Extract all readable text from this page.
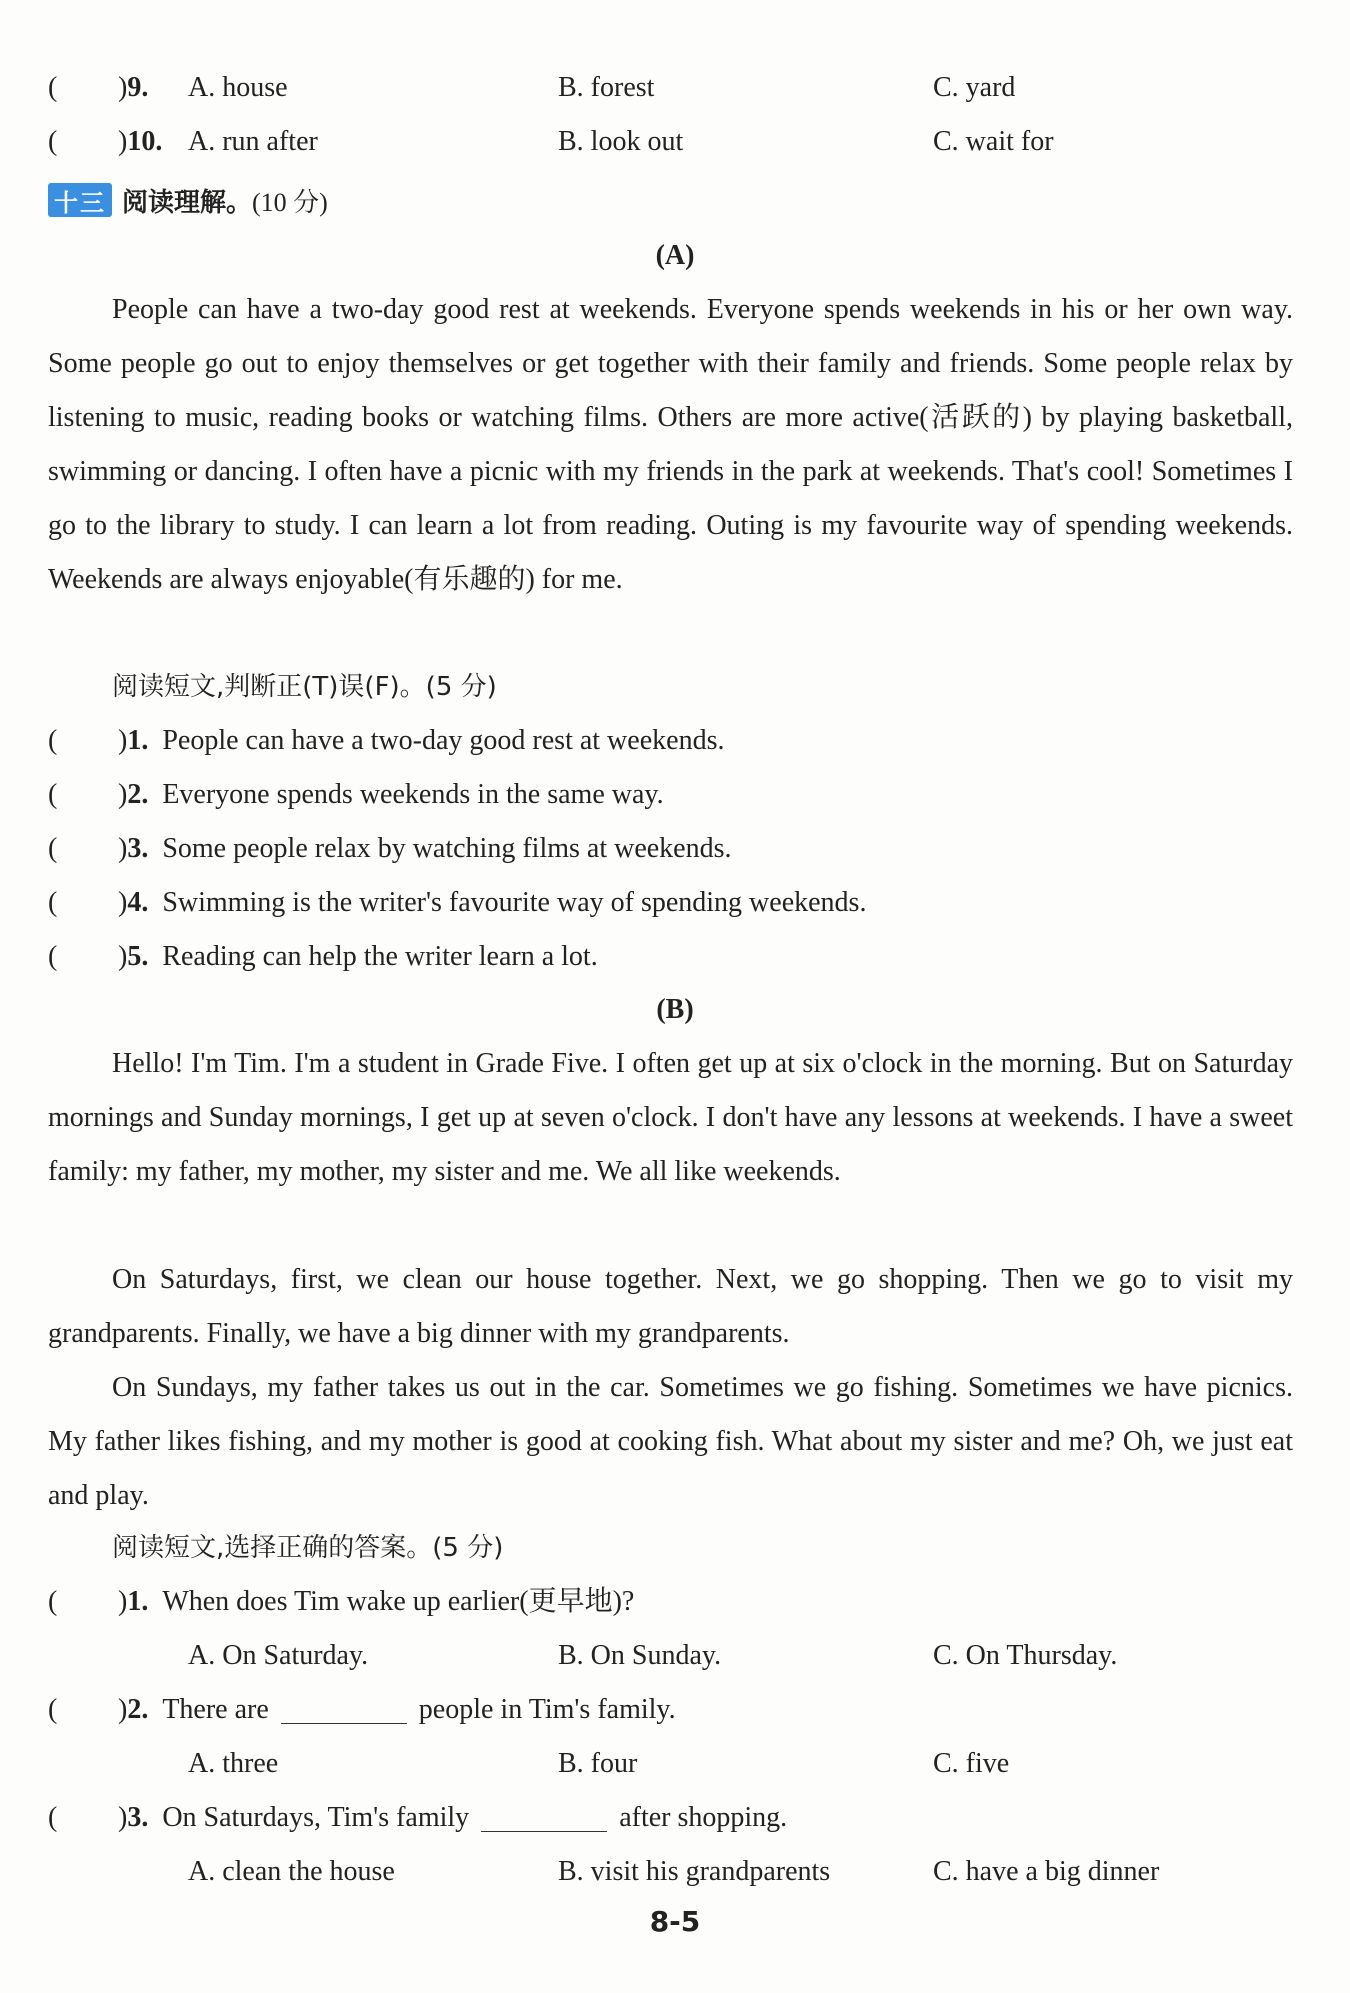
( )9. A. house	B. forest	C. yard
( )10. A. run after	B. look out	C. wait for
十三 阅读理解。 (10 分)
(A)

People can have a two-day good rest at weekends. Everyone spends weekends in his or her own way. Some people go out to enjoy themselves or get together with their family and friends. Some people relax by listening to music, reading books or watching films. Others are more active(活跃的) by playing basketball, swimming or dancing. I often have a picnic with my friends in the park at weekends. That's cool! Sometimes I go to the library to study. I can learn a lot from reading. Outing is my favourite way of spending weekends. Weekends are always enjoyable(有乐趣的) for me.

阅读短文,判断正(T)误(F)。(5 分)
( )1. People can have a two-day good rest at weekends.
( )2. Everyone spends weekends in the same way.
( )3. Some people relax by watching films at weekends.
( )4. Swimming is the writer's favourite way of spending weekends.
( )5. Reading can help the writer learn a lot.
(B)

Hello! I'm Tim. I'm a student in Grade Five. I often get up at six o'clock in the morning. But on Saturday mornings and Sunday mornings, I get up at seven o'clock. I don't have any lessons at weekends. I have a sweet family: my father, my mother, my sister and me. We all like weekends.

On Saturdays, first, we clean our house together. Next, we go shopping. Then we go to visit my grandparents. Finally, we have a big dinner with my grandparents.

On Sundays, my father takes us out in the car. Sometimes we go fishing. Sometimes we have picnics. My father likes fishing, and my mother is good at cooking fish. What about my sister and me? Oh, we just eat and play.

阅读短文,选择正确的答案。(5 分)
( )1. When does Tim wake up earlier(更早地)?
A. On Saturday.	B. On Sunday.	C. On Thursday.
( )2. There are	people in Tim's family.
A. three	B. four	C. five
( )3. On Saturdays, Tim's family	after shopping.
A. clean the house	B. visit his grandparents	C. have a big dinner
8-5
